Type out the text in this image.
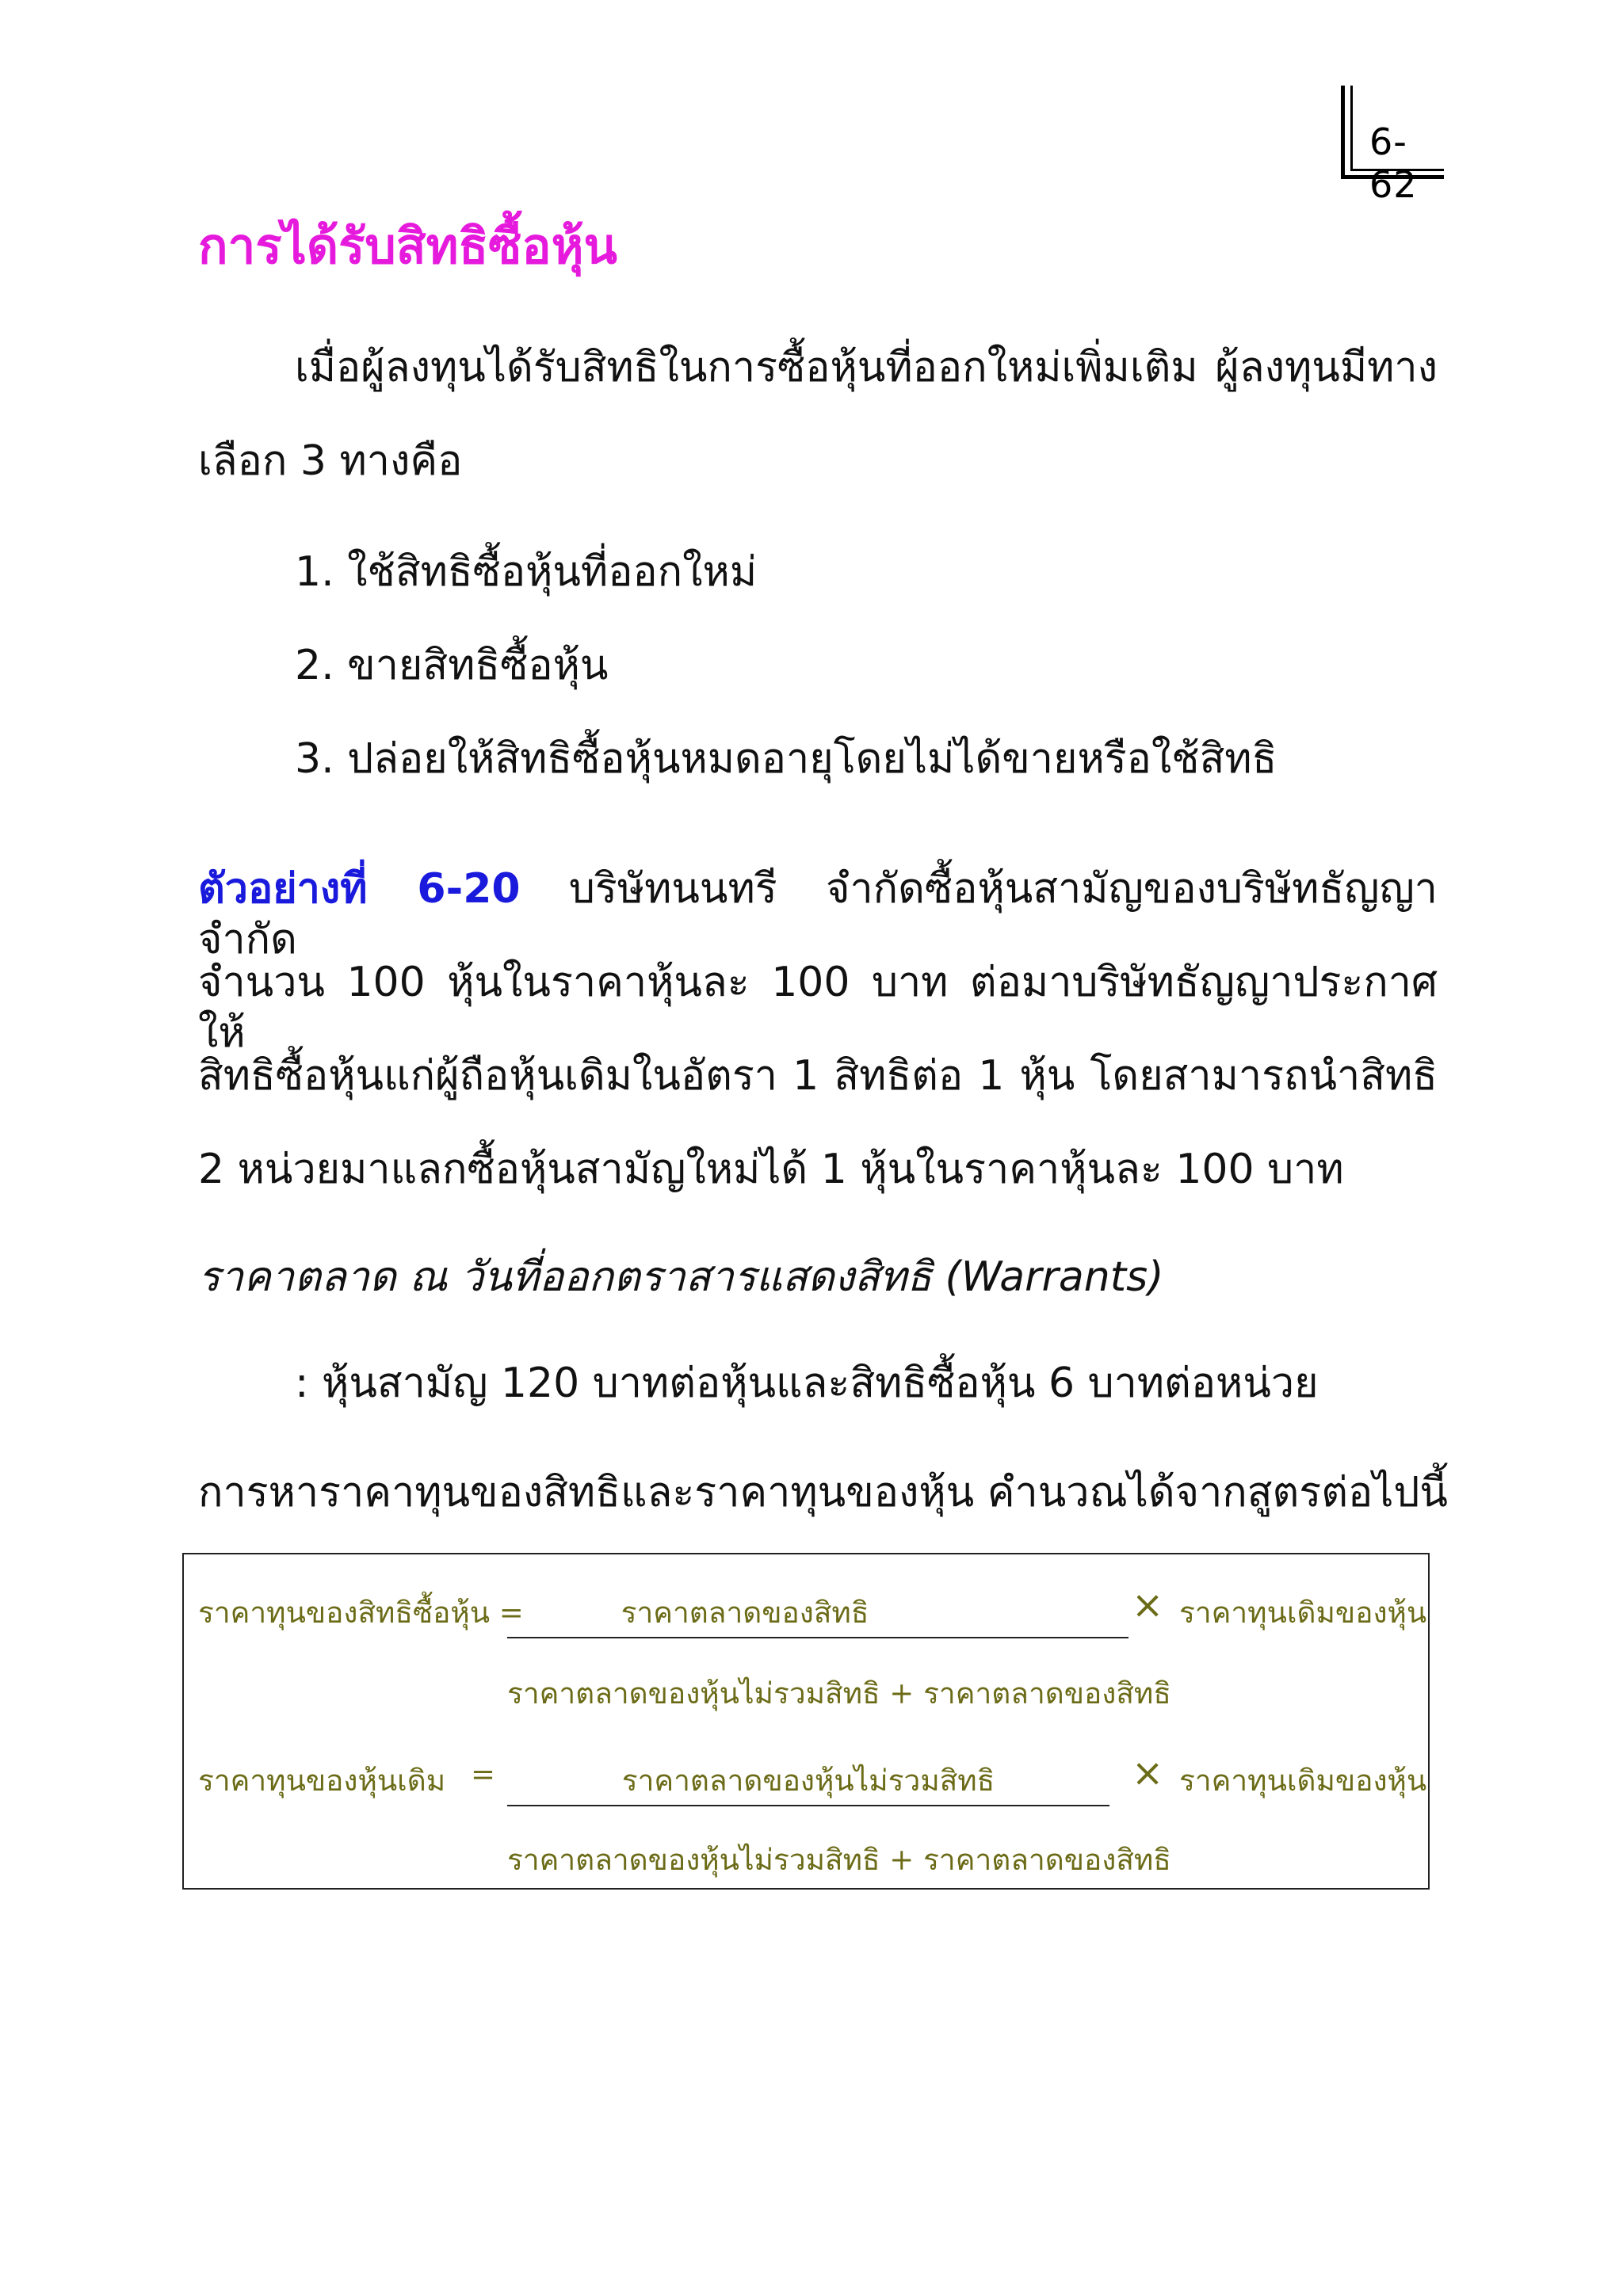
6-62
การได้รับสิทธิซื้อหุ้น
เมื่อผู้ลงทุนได้รับสิทธิในการซื้อหุ้นที่ออกใหม่เพิ่มเติม ผู้ลงทุนมีทาง
เลือก 3 ทางคือ
1. ใช้สิทธิซื้อหุ้นที่ออกใหม่
2. ขายสิทธิซื้อหุ้น
3. ปล่อยให้สิทธิซื้อหุ้นหมดอายุโดยไม่ได้ขายหรือใช้สิทธิ
ตัวอย่างที่ 6-20 บริษัทนนทรี จำกัดซื้อหุ้นสามัญของบริษัทธัญญา จำกัด
จำนวน 100 หุ้นในราคาหุ้นละ 100 บาท ต่อมาบริษัทธัญญาประกาศให้
สิทธิซื้อหุ้นแก่ผู้ถือหุ้นเดิมในอัตรา 1 สิทธิต่อ 1 หุ้น โดยสามารถนำสิทธิ
2 หน่วยมาแลกซื้อหุ้นสามัญใหม่ได้ 1 หุ้นในราคาหุ้นละ 100 บาท
ราคาตลาด ณ วันที่ออกตราสารแสดงสิทธิ (Warrants)
: หุ้นสามัญ 120 บาทต่อหุ้นและสิทธิซื้อหุ้น 6 บาทต่อหน่วย
การหาราคาทุนของสิทธิและราคาทุนของหุ้น คำนวณได้จากสูตรต่อไปนี้
ราคาทุนของสิทธิซื้อหุ้น =	ราคาตลาดของสิทธิ	× ราคาทุนเดิมของหุ้น
ราคาตลาดของหุ้นไม่รวมสิทธิ + ราคาตลาดของสิทธิ
ราคาทุนของหุ้นเดิม =	ราคาตลาดของหุ้นไม่รวมสิทธิ	× ราคาทุนเดิมของหุ้น
ราคาตลาดของหุ้นไม่รวมสิทธิ + ราคาตลาดของสิทธิ
